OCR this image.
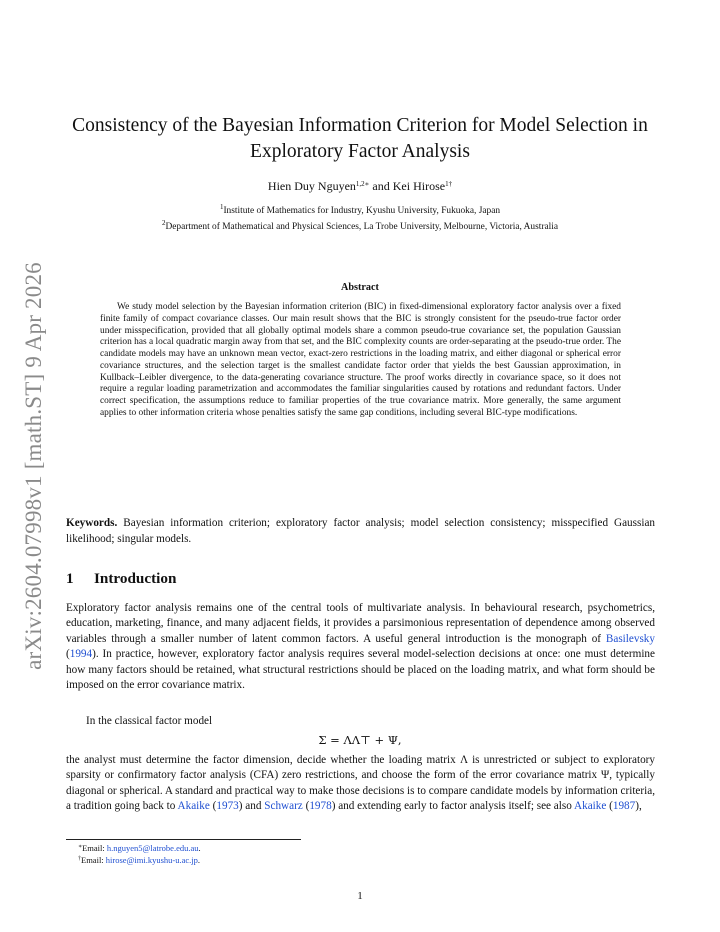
arXiv:2604.07998v1 [math.ST] 9 Apr 2026
Consistency of the Bayesian Information Criterion for Model Selection in Exploratory Factor Analysis
Hien Duy Nguyen$^{1,2∗}$ and Kei Hirose$^{1\dagger}$
$^1$Institute of Mathematics for Industry, Kyushu University, Fukuoka, Japan
$^2$Department of Mathematical and Physical Sciences, La Trobe University, Melbourne, Victoria, Australia
Abstract

We study model selection by the Bayesian information criterion (BIC) in fixed-dimensional exploratory factor analysis over a fixed finite family of compact covariance classes. Our main result shows that the BIC is strongly consistent for the pseudo-true factor order under misspecification, provided that all globally optimal models share a common pseudo-true covariance set, the population Gaussian criterion has a local quadratic margin away from that set, and the BIC complexity counts are order-separating at the pseudo-true order. The candidate models may have an unknown mean vector, exact-zero restrictions in the loading matrix, and either diagonal or spherical error covariance structures, and the selection target is the smallest candidate factor order that yields the best Gaussian approximation, in Kullback–Leibler divergence, to the data-generating covariance structure. The proof works directly in covariance space, so it does not require a regular loading parametrization and accommodates the familiar singularities caused by rotations and redundant factors. Under correct specification, the assumptions reduce to familiar properties of the true covariance matrix. More generally, the same argument applies to other information criteria whose penalties satisfy the same gap conditions, including several BIC-type modifications.

Keywords. Bayesian information criterion; exploratory factor analysis; model selection consistency; misspecified Gaussian likelihood; singular models.

1 Introduction

Exploratory factor analysis remains one of the central tools of multivariate analysis. In behavioural research, psychometrics, education, marketing, finance, and many adjacent fields, it provides a parsimonious representation of dependence among observed variables through a smaller number of latent common factors. A useful general introduction is the monograph of Basilevsky (1994). In practice, however, exploratory factor analysis requires several model-selection decisions at once: one must determine how many factors should be retained, what structural restrictions should be placed on the loading matrix, and what form should be imposed on the error covariance matrix.

In the classical factor model

Σ = ΛΛ⊤ + Ψ,

the analyst must determine the factor dimension, decide whether the loading matrix Λ is unrestricted or subject to exploratory sparsity or confirmatory factor analysis (CFA) zero restrictions, and choose the form of the error covariance matrix Ψ, typically diagonal or spherical. A standard and practical way to make those decisions is to compare candidate models by information criteria, a tradition going back to Akaike (1973) and Schwarz (1978) and extending early to factor analysis itself; see also Akaike (1987),

∗Email: h.nguyen5@latrobe.edu.au.
†Email: hirose@imi.kyushu-u.ac.jp.
1
